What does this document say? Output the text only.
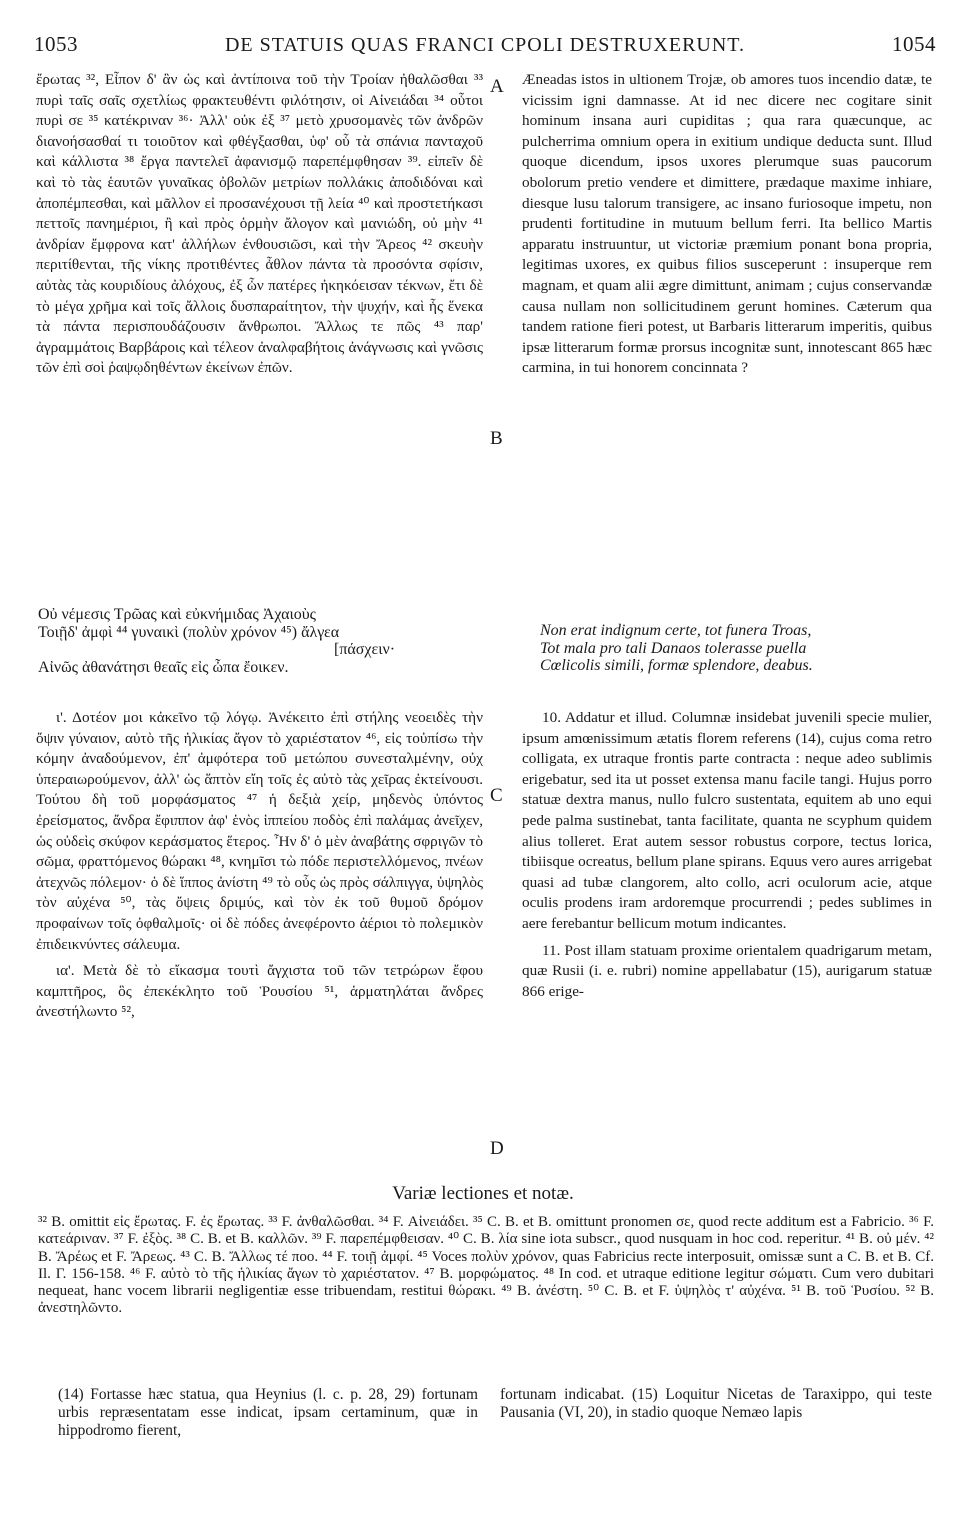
1053	DE STATUIS QUAS FRANCI CPOLI DESTRUXERUNT.	1054
A
B
C
D

ἔρωτας ³², Εἶπον δ' ἂν ὡς καὶ ἀντίποινα τοῦ τὴν Τροίαν ἠθαλῶσθαι ³³ πυρὶ ταῖς σαῖς σχετλίως φρακτευθέντι φιλότησιν, οἱ Αἰνειάδαι ³⁴ οὗτοι πυρὶ σε ³⁵ κατέκριναν ³⁶· Ἀλλ' οὐκ ἐξ ³⁷ μετὸ χρυσομανὲς τῶν ἀνδρῶν διανοήσασθαί τι τοιοῦτον καὶ φθέγξασθαι, ὑφ' οὗ τὰ σπάνια πανταχοῦ καὶ κάλλιστα ³⁸ ἔργα παντελεῖ ἀφανισμῷ παρεπέμφθησαν ³⁹. εἰπεῖν δὲ καὶ τὸ τὰς ἑαυτῶν γυναῖκας ὀβολῶν μετρίων πολλάκις ἀποδιδόναι καὶ ἀποπέμπεσθαι, καὶ μᾶλλον εἰ προσανέχουσι τῇ λεία ⁴⁰ καὶ προστετήκασι πεττοῖς πανημέριοι, ἢ καὶ πρὸς ὁρμὴν ἄλογον καὶ μανιώδη, οὐ μὴν ⁴¹ ἀνδρίαν ἔμφρονα κατ' ἀλλήλων ἐνθουσιῶσι, καὶ τὴν Ἄρεος ⁴² σκευὴν περιτίθενται, τῆς νίκης προτιθέντες ἆθλον πάντα τὰ προσόντα σφίσιν, αὐτὰς τὰς κουριδίους ἀλόχους, ἐξ ὧν πατέρες ἠκηκόεισαν τέκνων, ἔτι δὲ τὸ μέγα χρῆμα καὶ τοῖς ἄλλοις δυσπαραίτητον, τὴν ψυχήν, καὶ ἧς ἕνεκα τὰ πάντα περισπουδάζουσιν ἄνθρωποι. Ἄλλως τε πῶς ⁴³ παρ' ἀγραμμάτοις Βαρβάροις καὶ τέλεον ἀναλφαβήτοις ἀνάγνωσις καὶ γνῶσις τῶν ἐπὶ σοὶ ῥαψῳδηθέντων ἐκείνων ἐπῶν.

Æneadas istos in ultionem Trojæ, ob amores tuos incendio datæ, te vicissim igni damnasse. At id nec dicere nec cogitare sinit hominum insana auri cupiditas ; qua rara quæcunque, ac pulcherrima omnium opera in exitium undique deducta sunt. Illud quoque dicendum, ipsos uxores plerumque suas paucorum obolorum pretio vendere et dimittere, prædaque maxime inhiare, diesque lusu talorum transigere, ac insano furiosoque impetu, non prudenti fortitudine in mutuum bellum ferri. Ita bellico Martis apparatu instruuntur, ut victoriæ præmium ponant bona propria, legitimas uxores, ex quibus filios susceperunt : insuperque rem magnam, et quam alii ægre dimittunt, animam ; cujus conservandæ causa nullam non sollicitudinem gerunt homines. Cæterum qua tandem ratione fieri potest, ut Barbaris litterarum imperitis, quibus ipsæ litterarum formæ prorsus incognitæ sunt, innotescant 865 hæc carmina, in tui honorem concinnata ?

Οὐ νέμεσις Τρῶας καὶ εὐκνήμιδας Ἀχαιοὺς
Τοιῇδ' ἀμφὶ ⁴⁴ γυναικὶ (πολὺν χρόνον ⁴⁵) ἄλγεα
[πάσχειν·
Αἰνῶς ἀθανάτησι θεαῖς εἰς ὦπα ἔοικεν.
Non erat indignum certe, tot funera Troas,
Tot mala pro tali Danaos tolerasse puella
Cœlicolis simili, formæ splendore, deabus.

ι'. Δοτέον μοι κἀκεῖνο τῷ λόγῳ. Ἀνέκειτο ἐπὶ στήλης νεοειδὲς τὴν ὄψιν γύναιον, αὐτὸ τῆς ἡλικίας ἄγον τὸ χαριέστατον ⁴⁶, εἰς τοὐπίσω τὴν κόμην ἀναδούμενον, ἐπ' ἀμφότερα τοῦ μετώπου συνεσταλμένην, οὐχ ὑπεραιωρούμενον, ἀλλ' ὡς ἅπτὸν εἴη τοῖς ἐς αὐτὸ τὰς χεῖρας ἐκτείνουσι. Τούτου δὴ τοῦ μορφάσματος ⁴⁷ ἡ δεξιὰ χείρ, μηδενὸς ὑπόντος ἐρείσματος, ἄνδρα ἔφιππον ἀφ' ἑνὸς ἱππείου ποδὸς ἐπὶ παλάμας ἀνεῖχεν, ὡς οὐδεὶς σκύφον κεράσματος ἕτερος. Ἦν δ' ὁ μὲν ἀναβάτης σφριγῶν τὸ σῶμα, φραττόμενος θώρακι ⁴⁸, κνημῖσι τὼ πόδε περιστελλόμενος, πνέων ἀτεχνῶς πόλεμον· ὁ δὲ ἵππος ἀνίστη ⁴⁹ τὸ οὖς ὡς πρὸς σάλπιγγα, ὑψηλὸς τὸν αὐχένα ⁵⁰, τὰς ὄψεις δριμύς, καὶ τὸν ἐκ τοῦ θυμοῦ δρόμον προφαίνων τοῖς ὀφθαλμοῖς· οἱ δὲ πόδες ἀνεφέροντο ἀέριοι τὸ πολεμικὸν ἐπιδεικνύντες σάλευμα.

ια'. Μετὰ δὲ τὸ εἴκασμα τουτὶ ἄγχιστα τοῦ τῶν τετρώρων ἔφου καμπτῆρος, ὃς ἐπεκέκλητο τοῦ Ῥουσίου ⁵¹, ἁρματηλάται ἄνδρες ἀνεστήλωντο ⁵²,

10. Addatur et illud. Columnæ insidebat juvenili specie mulier, ipsum amœnissimum ætatis florem referens (14), cujus coma retro colligata, ex utraque frontis parte contracta : neque adeo sublimis erigebatur, sed ita ut posset extensa manu facile tangi. Hujus porro statuæ dextra manus, nullo fulcro sustentata, equitem ab uno equi pede palma sustinebat, tanta facilitate, quanta ne scyphum quidem alius tolleret. Erat autem sessor robustus corpore, tectus lorica, tibiisque ocreatus, bellum plane spirans. Equus vero aures arrigebat quasi ad tubæ clangorem, alto collo, acri oculorum acie, atque oculis prodens iram ardoremque procurrendi ; pedes sublimes in aere ferebantur bellicum motum indicantes.

11. Post illam statuam proxime orientalem quadrigarum metam, quæ Rusii (i. e. rubri) nomine appellabatur (15), aurigarum statuæ 866 erige-

Variæ lectiones et notæ.
³² B. omittit εἰς ἔρωτας. F. ἐς ἔρωτας. ³³ F. ἀνθαλῶσθαι. ³⁴ F. Αἰνειάδει. ³⁵ C. B. et B. omittunt pronomen σε, quod recte additum est a Fabricio. ³⁶ F. κατεάριναν. ³⁷ F. ἐξὸς. ³⁸ C. B. et B. καλλῶν. ³⁹ F. παρεπέμφθεισαν. ⁴⁰ C. B. λία sine iota subscr., quod nusquam in hoc cod. reperitur. ⁴¹ B. οὐ μέν. ⁴² B. Ἄρέως et F. Ἄρεως. ⁴³ C. B. Ἄλλως τέ πoo. ⁴⁴ F. τοιῇ ἀμφί. ⁴⁵ Voces πολὺν χρόνον, quas Fabricius recte interposuit, omissæ sunt a C. B. et B. Cf. Il. Γ. 156-158. ⁴⁶ F. αὐτὸ τὸ τῆς ἡλικίας ἄγων τὸ χαριέστατον. ⁴⁷ B. μορφώματος. ⁴⁸ In cod. et utraque editione legitur σώματι. Cum vero dubitari nequeat, hanc vocem librarii negligentiæ esse tribuendam, restitui θώρακι. ⁴⁹ B. ἀνέστη. ⁵⁰ C. B. et F. ὑψηλὸς τ' αὐχένα. ⁵¹ B. τοῦ Ῥυσίου. ⁵² B. ἀνεστηλῶντο.
(14) Fortasse hæc statua, qua Heynius (l. c. p. 28, 29) fortunam urbis repræsentatam esse indicat, ipsam certaminum, quæ in hippodromo fierent,
fortunam indicabat. (15) Loquitur Nicetas de Taraxippo, qui teste Pausania (VI, 20), in stadio quoque Nemæo lapis
